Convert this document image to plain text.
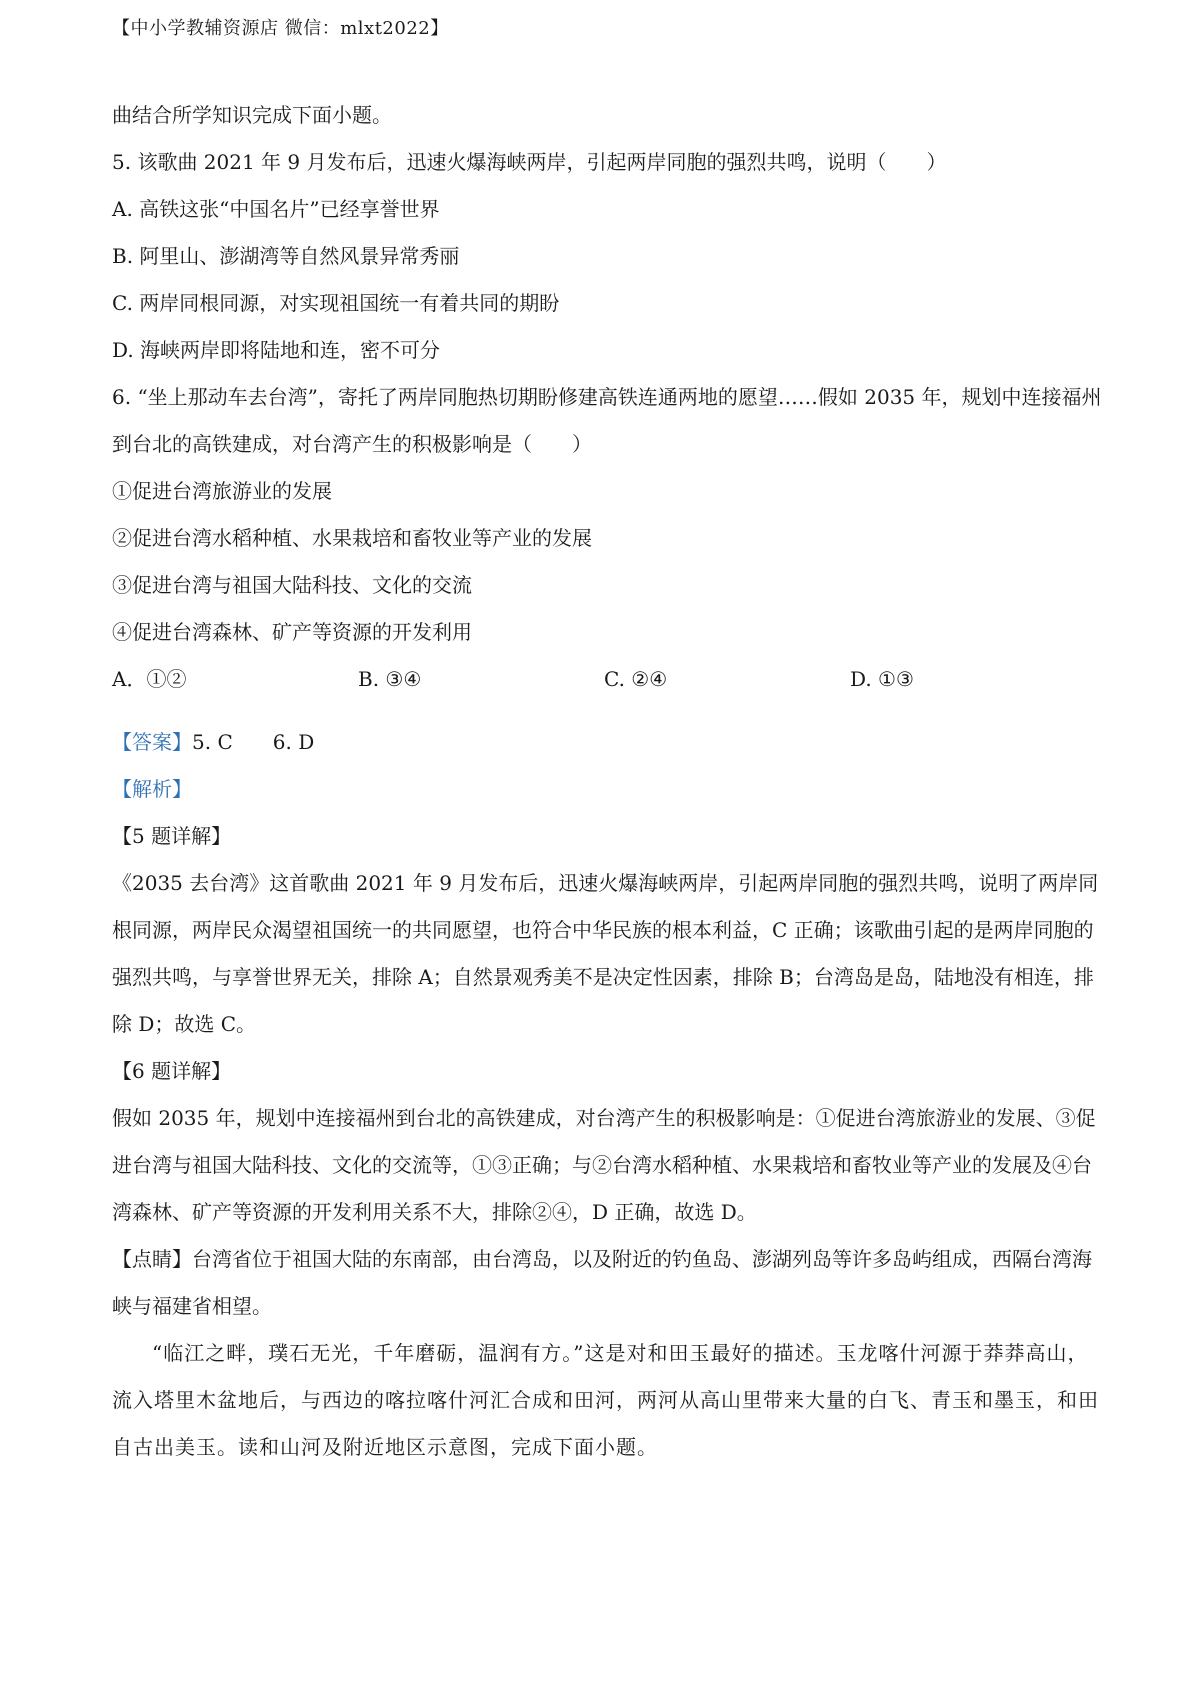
【中小学教辅资源店 微信：mlxt2022】
曲结合所学知识完成下面小题。
5. 该歌曲 2021 年 9 月发布后，迅速火爆海峡两岸，引起两岸同胞的强烈共鸣，说明（　　）
A. 高铁这张“中国名片”已经享誉世界
B. 阿里山、澎湖湾等自然风景异常秀丽
C. 两岸同根同源，对实现祖国统一有着共同的期盼
D. 海峡两岸即将陆地和连，密不可分
6. “坐上那动车去台湾”，寄托了两岸同胞热切期盼修建高铁连通两地的愿望……假如 2035 年，规划中连接福州到台北的高铁建成，对台湾产生的积极影响是（　　）
①促进台湾旅游业的发展
②促进台湾水稻种植、水果栽培和畜牧业等产业的发展
③促进台湾与祖国大陆科技、文化的交流
④促进台湾森林、矿产等资源的开发利用
A．①②	B. ③④	C. ②④	D. ①③
【答案】5. C 6. D
【解析】
【5 题详解】
《2035 去台湾》这首歌曲 2021 年 9 月发布后，迅速火爆海峡两岸，引起两岸同胞的强烈共鸣，说明了两岸同根同源，两岸民众渴望祖国统一的共同愿望，也符合中华民族的根本利益，C 正确；该歌曲引起的是两岸同胞的强烈共鸣，与享誉世界无关，排除 A；自然景观秀美不是决定性因素，排除 B；台湾岛是岛，陆地没有相连，排除 D；故选 C。
【6 题详解】
假如 2035 年，规划中连接福州到台北的高铁建成，对台湾产生的积极影响是：①促进台湾旅游业的发展、③促进台湾与祖国大陆科技、文化的交流等，①③正确；与②台湾水稻种植、水果栽培和畜牧业等产业的发展及④台湾森林、矿产等资源的开发利用关系不大，排除②④，D 正确，故选 D。
【点睛】台湾省位于祖国大陆的东南部，由台湾岛，以及附近的钓鱼岛、澎湖列岛等许多岛屿组成，西隔台湾海峡与福建省相望。
“临江之畔，璞石无光，千年磨砺，温润有方。”这是对和田玉最好的描述。玉龙喀什河源于莽莽高山，流入塔里木盆地后，与西边的喀拉喀什河汇合成和田河，两河从高山里带来大量的白飞、青玉和墨玉，和田自古出美玉。读和山河及附近地区示意图，完成下面小题。
